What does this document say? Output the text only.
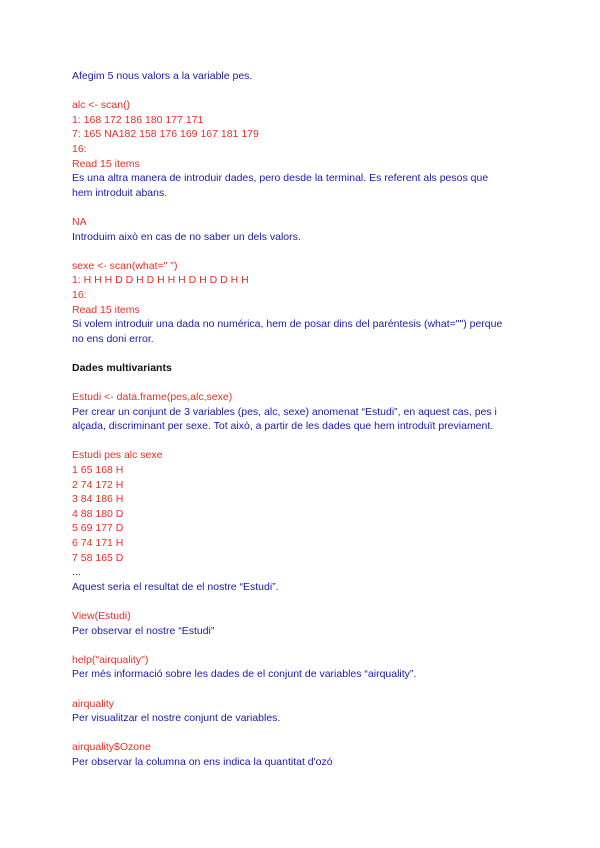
Afegim 5 nous valors a la variable pes.
alc <- scan()
1: 168 172 186 180 177 171
7: 165 NA182 158 176 169 167 181 179
16:
Read 15 items
Es una altra manera de introduir dades, pero desde la terminal. Es referent als pesos que
hem introduit abans.
NA
Introduim això en cas de no saber un dels valors.
sexe <- scan(what=" ")
1: H H H D D H D H H H D H D D H H
16:
Read 15 items
Si volem introduir una dada no numérica, hem de posar dins del paréntesis (what="") perque
no ens doni error.
Dades multivariants
Estudi <- data.frame(pes,alc,sexe)
Per crear un conjunt de 3 variables (pes, alc, sexe) anomenat “Estudi”, en aquest cas, pes i
alçada, discriminant per sexe. Tot això, a partir de les dades que hem introduït previament.
Estudi pes alc sexe
1 65 168 H
2 74 172 H
3 84 186 H
4 88 180 D
5 69 177 D
6 74 171 H
7 58 165 D
...
Aquest seria el resultat de el nostre “Estudi”.
View(Estudi)
Per observar el nostre “Estudi”
help("airquality")
Per més informació sobre les dades de el conjunt de variables “airquality”.
airquality
Per visualitzar el nostre conjunt de variables.
airquality$Ozone
Per observar la columna on ens indica la quantitat d'ozó
